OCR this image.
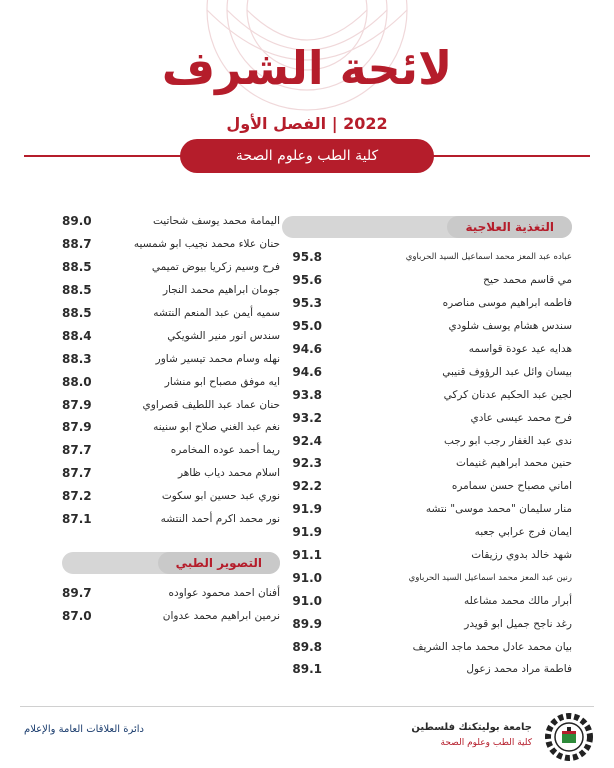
لائحة الشرف
2022 | الفصل الأول
كلية الطب وعلوم الصحة
التغذية العلاجية
عباده عبد المعز محمد اسماعيل السيد الحرباوي
95.8
مي قاسم محمد حيح
95.6
فاطمه ابراهيم موسى مناصره
95.3
سندس هشام يوسف شلودي
95.0
هدايه عيد عودة قواسمه
94.6
بيسان وائل عبد الرؤوف قنيبي
94.6
لجين عبد الحكيم عدنان كركي
93.8
فرح محمد عيسى عادي
93.2
ندى عبد الغفار رجب ابو رجب
92.4
حنين محمد ابراهيم غنيمات
92.3
اماني مصباح حسن سمامره
92.2
منار سليمان "محمد موسى" نتشه
91.9
ايمان فرج عرابي جعبه
91.9
شهد خالد بدوي رزيقات
91.1
رنين عبد المعز محمد اسماعيل السيد الحرباوي
91.0
أبرار مالك محمد مشاعله
91.0
رغد ناجح جميل ابو قويدر
89.9
بيان محمد عادل محمد ماجد الشريف
89.8
فاطمة مراد محمد زعول
89.1
اليمامة محمد يوسف شحاتيت
89.0
حنان علاء محمد نجيب ابو شمسيه
88.7
فرح وسيم زكريا بيوض تميمي
88.5
جومان ابراهيم محمد النجار
88.5
سميه أيمن عبد المنعم النتشه
88.5
سندس انور منير الشويكي
88.4
نهله وسام محمد تيسير شاور
88.3
ايه موفق مصباح ابو منشار
88.0
حنان عماد عبد اللطيف قصراوي
87.9
نغم عبد الغني صلاح ابو سنينه
87.9
ريما أحمد عوده المخامره
87.7
اسلام محمد دياب ظاهر
87.7
نوري عبد حسين ابو سكوت
87.2
نور محمد اكرم أحمد النتشه
87.1
التصوير الطبي
أفنان احمد محمود عواوده
89.7
نرمين ابراهيم محمد عدوان
87.0
دائرة العلاقات العامة والإعلام	جامعة بوليتكنك فلسطين
كلية الطب وعلوم الصحة
